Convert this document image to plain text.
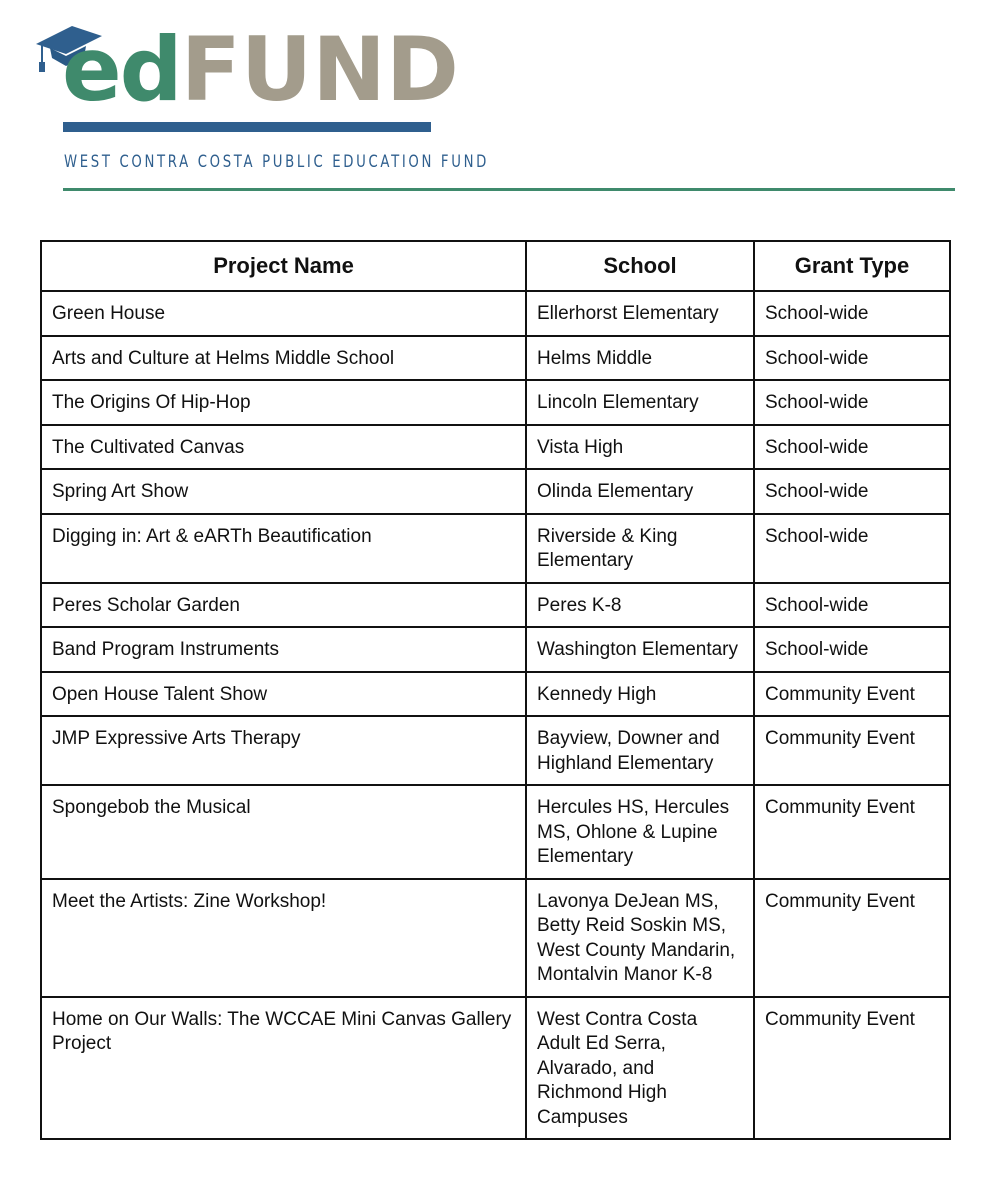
edFUND
WEST CONTRA COSTA PUBLIC EDUCATION FUND
Project Name	School	Grant Type
Green House	Ellerhorst Elementary	School-wide
Arts and Culture at Helms Middle School	Helms Middle	School-wide
The Origins Of Hip-Hop	Lincoln Elementary	School-wide
The Cultivated Canvas	Vista High	School-wide
Spring Art Show	Olinda Elementary	School-wide
Digging in: Art & eARTh Beautification	Riverside & King Elementary	School-wide
Peres Scholar Garden	Peres K-8	School-wide
Band Program Instruments	Washington Elementary	School-wide
Open House Talent Show	Kennedy High	Community Event
JMP Expressive Arts Therapy	Bayview, Downer and Highland Elementary	Community Event
Spongebob the Musical	Hercules HS, Hercules MS, Ohlone & Lupine Elementary	Community Event
Meet the Artists: Zine Workshop!	Lavonya DeJean MS, Betty Reid Soskin MS, West County Mandarin, Montalvin Manor K-8	Community Event
Home on Our Walls: The WCCAE Mini Canvas Gallery Project	West Contra Costa Adult Ed Serra, Alvarado, and Richmond High Campuses	Community Event
